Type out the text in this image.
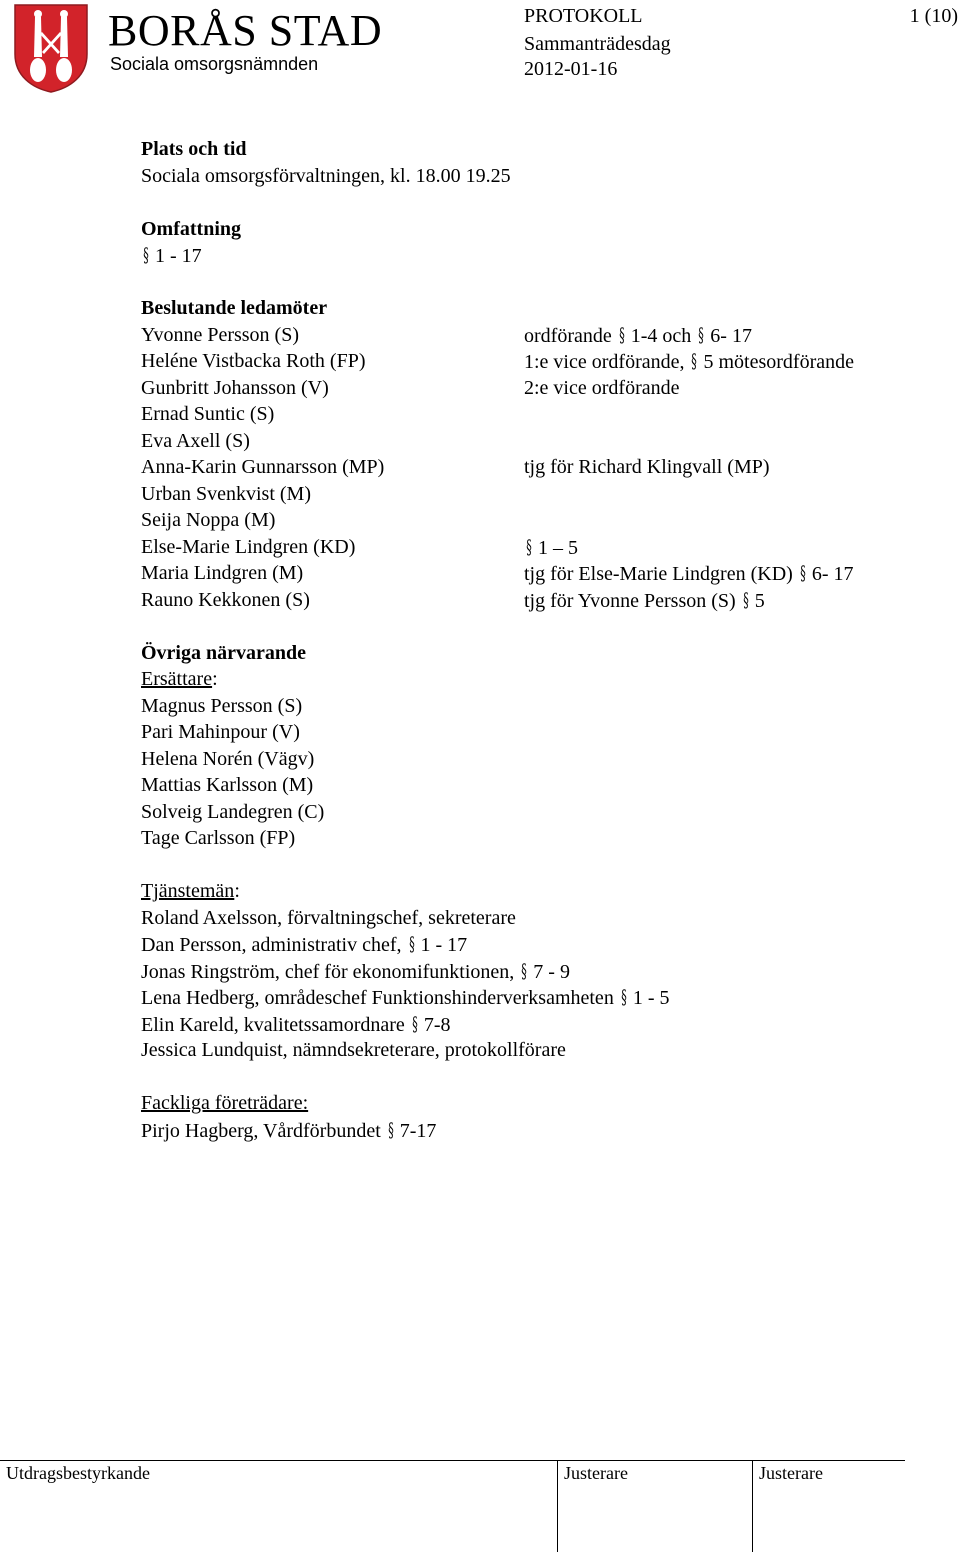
BORÅS STAD
Sociala omsorgsnämnden
PROTOKOLL
Sammanträdesdag
2012-01-16
1 (10)
Plats och tid
Sociala omsorgsförvaltningen, kl. 18.00 19.25
Omfattning
§ 1 - 17
Beslutande ledamöter
Yvonne Persson (S)	ordförande § 1-4 och § 6- 17
Heléne Vistbacka Roth (FP)	1:e vice ordförande, § 5 mötesordförande
Gunbritt Johansson (V)	2:e vice ordförande
Ernad Suntic (S)
Eva Axell (S)
Anna-Karin Gunnarsson (MP)	tjg för Richard Klingvall (MP)
Urban Svenkvist (M)
Seija Noppa (M)
Else-Marie Lindgren (KD)	§ 1 – 5
Maria Lindgren (M)	tjg för Else-Marie Lindgren (KD) § 6- 17
Rauno Kekkonen (S)	tjg för Yvonne Persson (S) § 5
Övriga närvarande
Ersättare:
Magnus Persson (S)
Pari Mahinpour (V)
Helena Norén (Vägv)
Mattias Karlsson (M)
Solveig Landegren (C)
Tage Carlsson (FP)
Tjänstemän:
Roland Axelsson, förvaltningschef, sekreterare
Dan Persson, administrativ chef, § 1 - 17
Jonas Ringström, chef för ekonomifunktionen, § 7 - 9
Lena Hedberg, områdeschef Funktionshinderverksamheten § 1 - 5
Elin Kareld, kvalitetssamordnare § 7-8
Jessica Lundquist, nämndsekreterare, protokollförare
Fackliga företrädare:
Pirjo Hagberg, Vårdförbundet § 7-17
Utdragsbestyrkande	Justerare	Justerare
